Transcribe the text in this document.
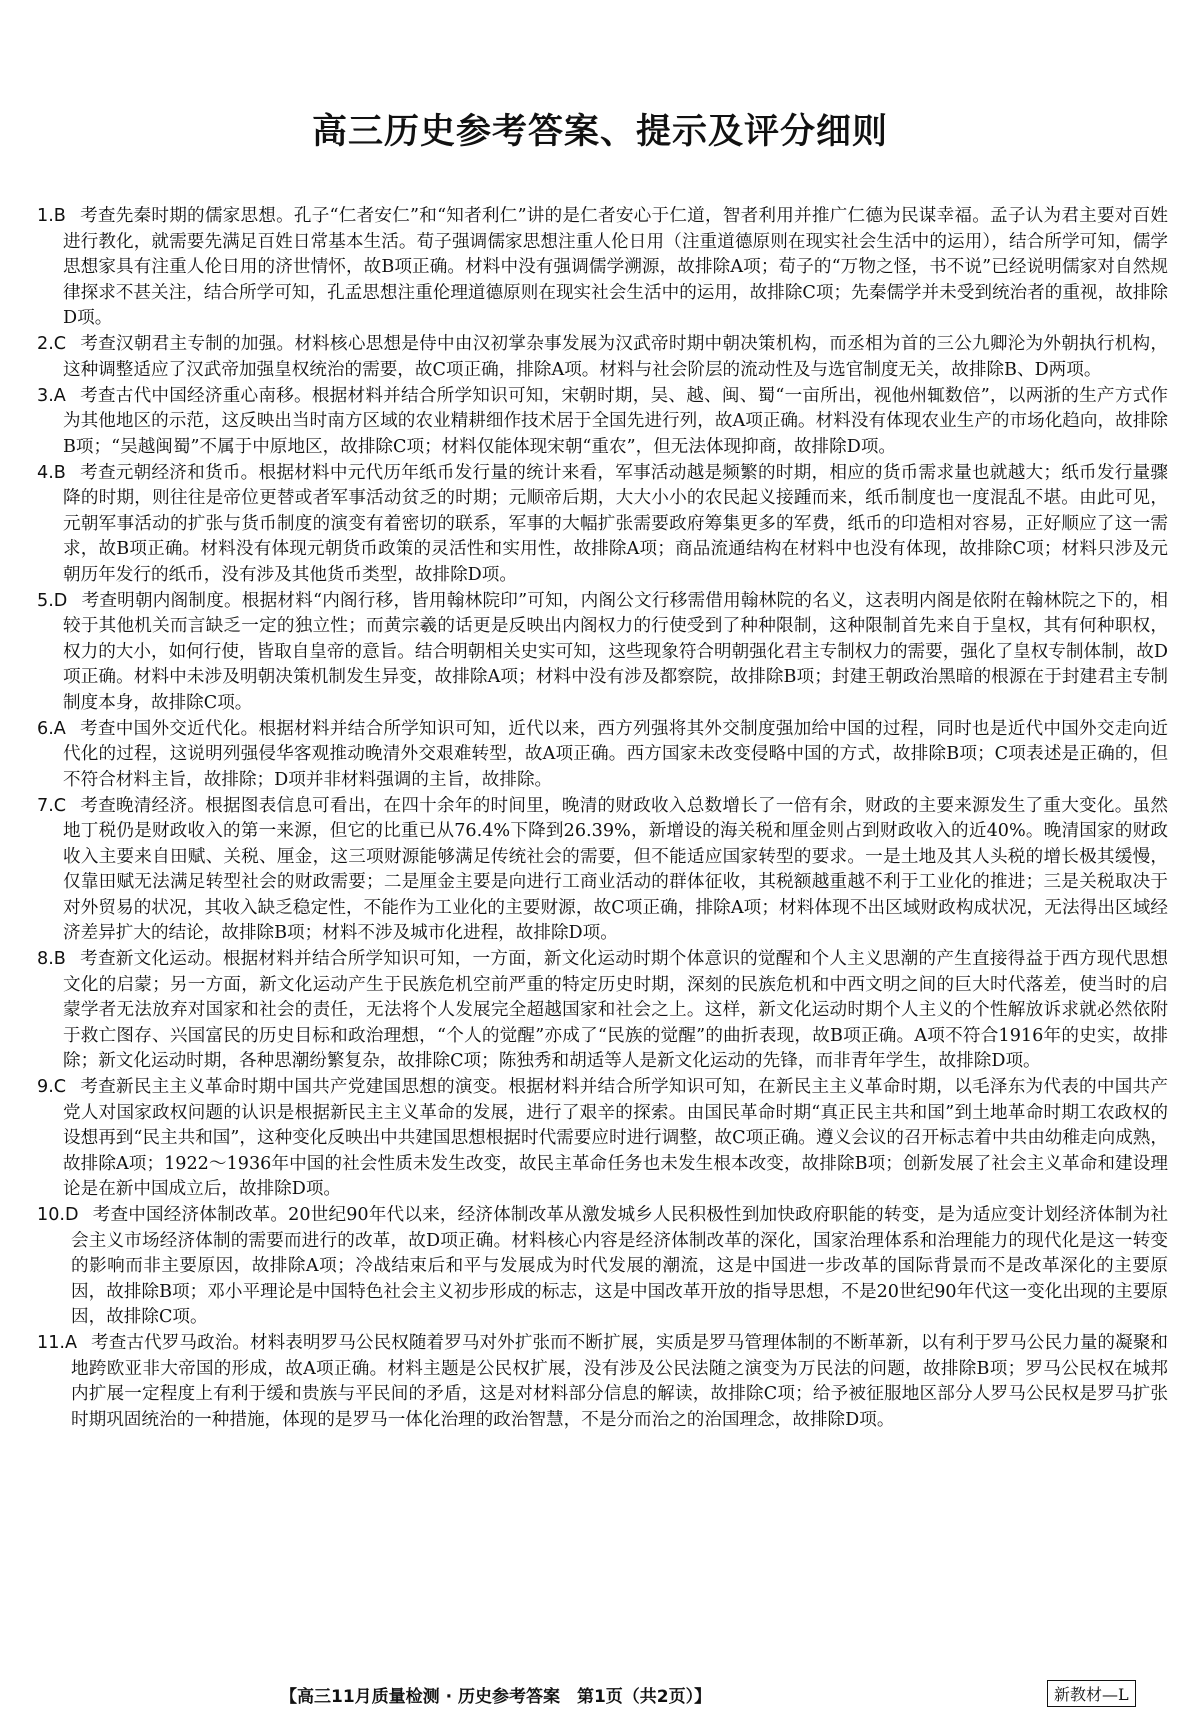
高三历史参考答案、提示及评分细则
1.B 考查先秦时期的儒家思想。孔子“仁者安仁”和“知者利仁”讲的是仁者安心于仁道，智者利用并推广仁德为民谋幸福。孟子认为君主要对百姓进行教化，就需要先满足百姓日常基本生活。荀子强调儒家思想注重人伦日用（注重道德原则在现实社会生活中的运用），结合所学可知，儒学思想家具有注重人伦日用的济世情怀，故B项正确。材料中没有强调儒学溯源，故排除A项；荀子的“万物之怪，书不说”已经说明儒家对自然规律探求不甚关注，结合所学可知，孔孟思想注重伦理道德原则在现实社会生活中的运用，故排除C项；先秦儒学并未受到统治者的重视，故排除D项。
2.C 考查汉朝君主专制的加强。材料核心思想是侍中由汉初掌杂事发展为汉武帝时期中朝决策机构，而丞相为首的三公九卿沦为外朝执行机构，这种调整适应了汉武帝加强皇权统治的需要，故C项正确，排除A项。材料与社会阶层的流动性及与选官制度无关，故排除B、D两项。
3.A 考查古代中国经济重心南移。根据材料并结合所学知识可知，宋朝时期，吴、越、闽、蜀“一亩所出，视他州辄数倍”，以两浙的生产方式作为其他地区的示范，这反映出当时南方区域的农业精耕细作技术居于全国先进行列，故A项正确。材料没有体现农业生产的市场化趋向，故排除B项；“吴越闽蜀”不属于中原地区，故排除C项；材料仅能体现宋朝“重农”，但无法体现抑商，故排除D项。
4.B 考查元朝经济和货币。根据材料中元代历年纸币发行量的统计来看，军事活动越是频繁的时期，相应的货币需求量也就越大；纸币发行量骤降的时期，则往往是帝位更替或者军事活动贫乏的时期；元顺帝后期，大大小小的农民起义接踵而来，纸币制度也一度混乱不堪。由此可见，元朝军事活动的扩张与货币制度的演变有着密切的联系，军事的大幅扩张需要政府筹集更多的军费，纸币的印造相对容易，正好顺应了这一需求，故B项正确。材料没有体现元朝货币政策的灵活性和实用性，故排除A项；商品流通结构在材料中也没有体现，故排除C项；材料只涉及元朝历年发行的纸币，没有涉及其他货币类型，故排除D项。
5.D 考查明朝内阁制度。根据材料“内阁行移，皆用翰林院印”可知，内阁公文行移需借用翰林院的名义，这表明内阁是依附在翰林院之下的，相较于其他机关而言缺乏一定的独立性；而黄宗羲的话更是反映出内阁权力的行使受到了种种限制，这种限制首先来自于皇权，其有何种职权，权力的大小，如何行使，皆取自皇帝的意旨。结合明朝相关史实可知，这些现象符合明朝强化君主专制权力的需要，强化了皇权专制体制，故D项正确。材料中未涉及明朝决策机制发生异变，故排除A项；材料中没有涉及都察院，故排除B项；封建王朝政治黑暗的根源在于封建君主专制制度本身，故排除C项。
6.A 考查中国外交近代化。根据材料并结合所学知识可知，近代以来，西方列强将其外交制度强加给中国的过程，同时也是近代中国外交走向近代化的过程，这说明列强侵华客观推动晚清外交艰难转型，故A项正确。西方国家未改变侵略中国的方式，故排除B项；C项表述是正确的，但不符合材料主旨，故排除；D项并非材料强调的主旨，故排除。
7.C 考查晚清经济。根据图表信息可看出，在四十余年的时间里，晚清的财政收入总数增长了一倍有余，财政的主要来源发生了重大变化。虽然地丁税仍是财政收入的第一来源，但它的比重已从76.4%下降到26.39%，新增设的海关税和厘金则占到财政收入的近40%。晚清国家的财政收入主要来自田赋、关税、厘金，这三项财源能够满足传统社会的需要，但不能适应国家转型的要求。一是土地及其人头税的增长极其缓慢，仅靠田赋无法满足转型社会的财政需要；二是厘金主要是向进行工商业活动的群体征收，其税额越重越不利于工业化的推进；三是关税取决于对外贸易的状况，其收入缺乏稳定性，不能作为工业化的主要财源，故C项正确，排除A项；材料体现不出区域财政构成状况，无法得出区域经济差异扩大的结论，故排除B项；材料不涉及城市化进程，故排除D项。
8.B 考查新文化运动。根据材料并结合所学知识可知，一方面，新文化运动时期个体意识的觉醒和个人主义思潮的产生直接得益于西方现代思想文化的启蒙；另一方面，新文化运动产生于民族危机空前严重的特定历史时期，深刻的民族危机和中西文明之间的巨大时代落差，使当时的启蒙学者无法放弃对国家和社会的责任，无法将个人发展完全超越国家和社会之上。这样，新文化运动时期个人主义的个性解放诉求就必然依附于救亡图存、兴国富民的历史目标和政治理想，“个人的觉醒”亦成了“民族的觉醒”的曲折表现，故B项正确。A项不符合1916年的史实，故排除；新文化运动时期，各种思潮纷繁复杂，故排除C项；陈独秀和胡适等人是新文化运动的先锋，而非青年学生，故排除D项。
9.C 考查新民主主义革命时期中国共产党建国思想的演变。根据材料并结合所学知识可知，在新民主主义革命时期，以毛泽东为代表的中国共产党人对国家政权问题的认识是根据新民主主义革命的发展，进行了艰辛的探索。由国民革命时期“真正民主共和国”到土地革命时期工农政权的设想再到“民主共和国”，这种变化反映出中共建国思想根据时代需要应时进行调整，故C项正确。遵义会议的召开标志着中共由幼稚走向成熟，故排除A项；1922～1936年中国的社会性质未发生改变，故民主革命任务也未发生根本改变，故排除B项；创新发展了社会主义革命和建设理论是在新中国成立后，故排除D项。
10.D 考查中国经济体制改革。20世纪90年代以来，经济体制改革从激发城乡人民积极性到加快政府职能的转变，是为适应变计划经济体制为社会主义市场经济体制的需要而进行的改革，故D项正确。材料核心内容是经济体制改革的深化，国家治理体系和治理能力的现代化是这一转变的影响而非主要原因，故排除A项；冷战结束后和平与发展成为时代发展的潮流，这是中国进一步改革的国际背景而不是改革深化的主要原因，故排除B项；邓小平理论是中国特色社会主义初步形成的标志，这是中国改革开放的指导思想，不是20世纪90年代这一变化出现的主要原因，故排除C项。
11.A 考查古代罗马政治。材料表明罗马公民权随着罗马对外扩张而不断扩展，实质是罗马管理体制的不断革新，以有利于罗马公民力量的凝聚和地跨欧亚非大帝国的形成，故A项正确。材料主题是公民权扩展，没有涉及公民法随之演变为万民法的问题，故排除B项；罗马公民权在城邦内扩展一定程度上有利于缓和贵族与平民间的矛盾，这是对材料部分信息的解读，故排除C项；给予被征服地区部分人罗马公民权是罗马扩张时期巩固统治的一种措施，体现的是罗马一体化治理的政治智慧，不是分而治之的治国理念，故排除D项。
【高三11月质量检测 · 历史参考答案　第1页（共2页）】	新教材—L
